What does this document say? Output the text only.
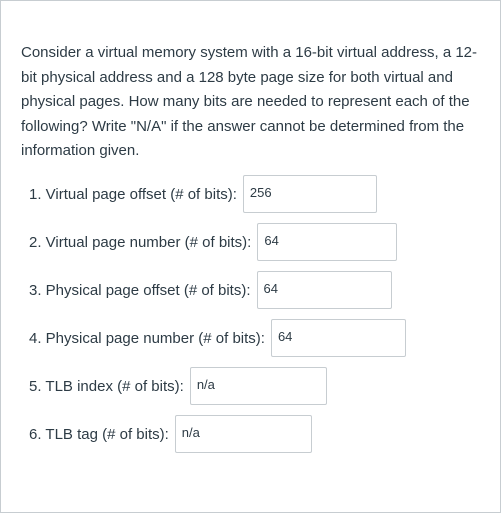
Consider a virtual memory system with a 16-bit virtual address, a 12-bit physical address and a 128 byte page size for both virtual and physical pages. How many bits are needed to represent each of the following? Write "N/A" if the answer cannot be determined from the information given.

1. Virtual page offset (# of bits):	256
2. Virtual page number (# of bits):	64
3. Physical page offset (# of bits):	64
4. Physical page number (# of bits):	64
5. TLB index (# of bits):	n/a
6. TLB tag (# of bits):	n/a
